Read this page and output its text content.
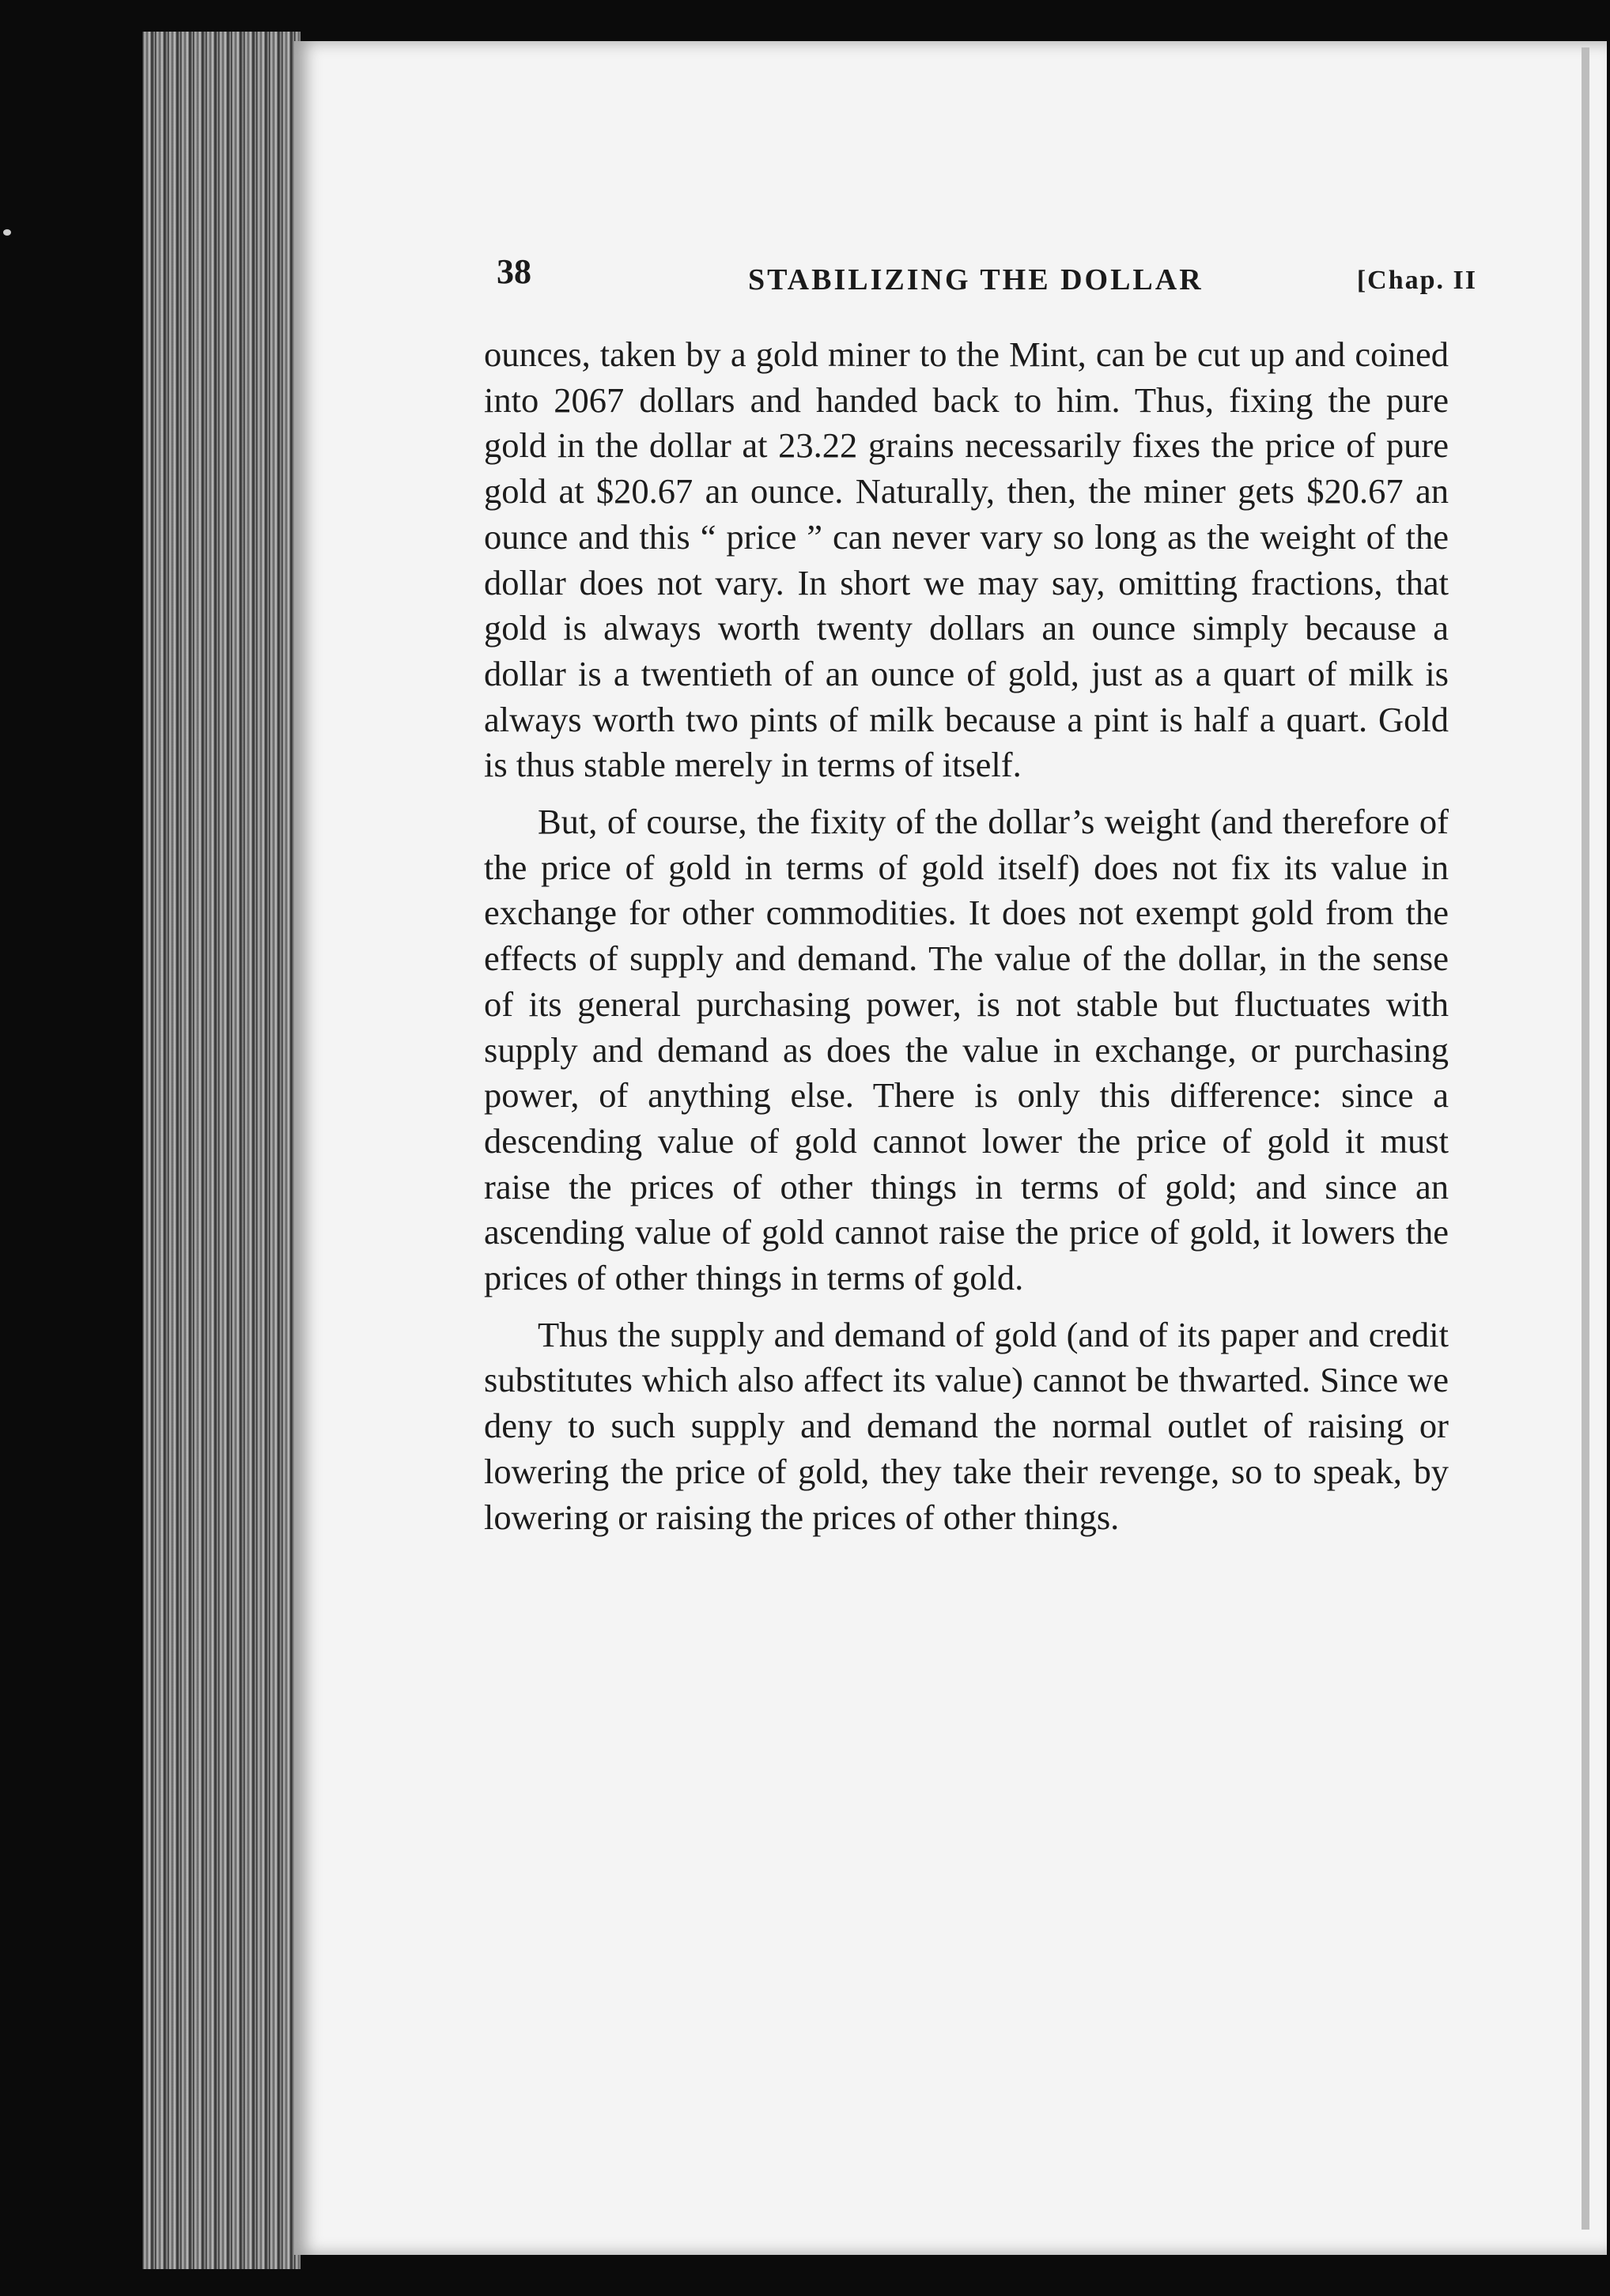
38	STABILIZING THE DOLLAR	[Chap. II

ounces, taken by a gold miner to the Mint, can be cut up and coined into 2067 dollars and handed back to him. Thus, fixing the pure gold in the dollar at 23.22 grains necessarily fixes the price of pure gold at $20.67 an ounce. Naturally, then, the miner gets $20.67 an ounce and this “ price ” can never vary so long as the weight of the dollar does not vary. In short we may say, omitting fractions, that gold is always worth twenty dollars an ounce simply because a dollar is a twentieth of an ounce of gold, just as a quart of milk is always worth two pints of milk because a pint is half a quart. Gold is thus stable merely in terms of itself.

But, of course, the fixity of the dollar’s weight (and therefore of the price of gold in terms of gold itself) does not fix its value in exchange for other commodities. It does not exempt gold from the effects of supply and demand. The value of the dollar, in the sense of its general purchasing power, is not stable but fluctuates with supply and demand as does the value in exchange, or purchasing power, of anything else. There is only this difference: since a descending value of gold cannot lower the price of gold it must raise the prices of other things in terms of gold; and since an ascending value of gold cannot raise the price of gold, it lowers the prices of other things in terms of gold.

Thus the supply and demand of gold (and of its paper and credit substitutes which also affect its value) cannot be thwarted. Since we deny to such supply and demand the normal outlet of raising or lowering the price of gold, they take their revenge, so to speak, by lowering or raising the prices of other things.
